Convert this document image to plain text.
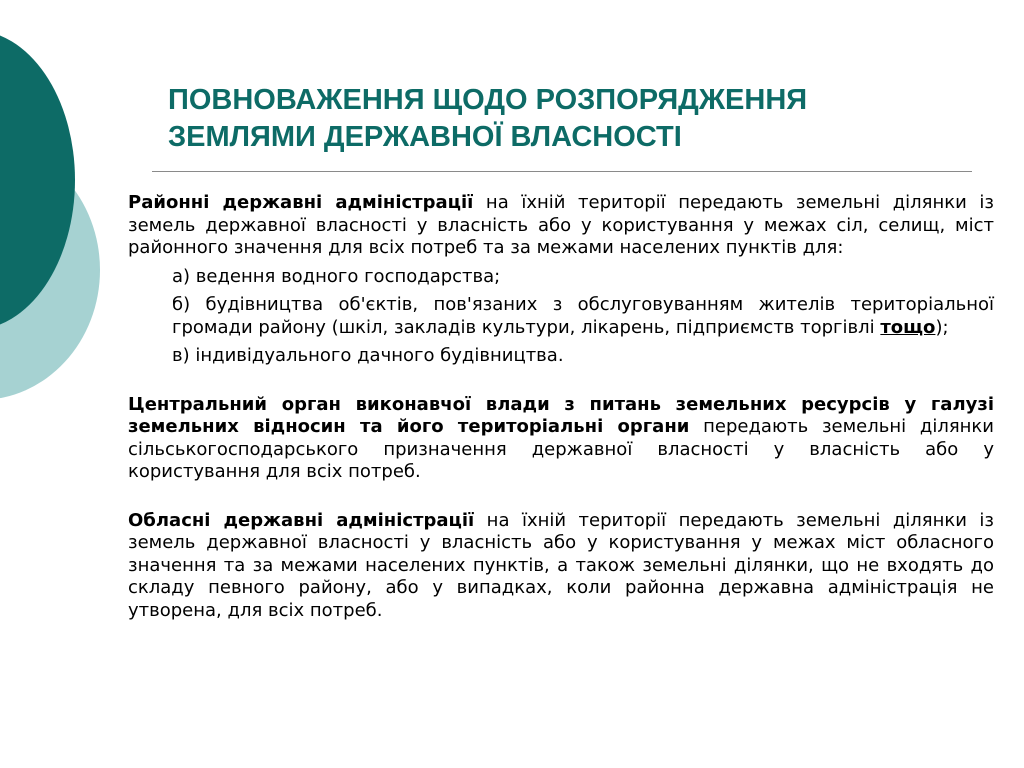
ПОВНОВАЖЕННЯ ЩОДО РОЗПОРЯДЖЕННЯ
ЗЕМЛЯМИ ДЕРЖАВНОЇ ВЛАСНОСТІ

Районні державні адміністрації на їхній території передають земельні ділянки із земель державної власності у власність або у користування у межах сіл, селищ, міст районного значення для всіх потреб та за межами населених пунктів для:

а) ведення водного господарства;

б) будівництва об'єктів, пов'язаних з обслуговуванням жителів територіальної громади району (шкіл, закладів культури, лікарень, підприємств торгівлі тощо);

в) індивідуального дачного будівництва.

Центральний орган виконавчої влади з питань земельних ресурсів у галузі земельних відносин та його територіальні органи передають земельні ділянки сільськогосподарського призначення державної власності у власність або у користування для всіх потреб.

Обласні державні адміністрації на їхній території передають земельні ділянки із земель державної власності у власність або у користування у межах міст обласного значення та за межами населених пунктів, а також земельні ділянки, що не входять до складу певного району, або у випадках, коли районна державна адміністрація не утворена, для всіх потреб.
